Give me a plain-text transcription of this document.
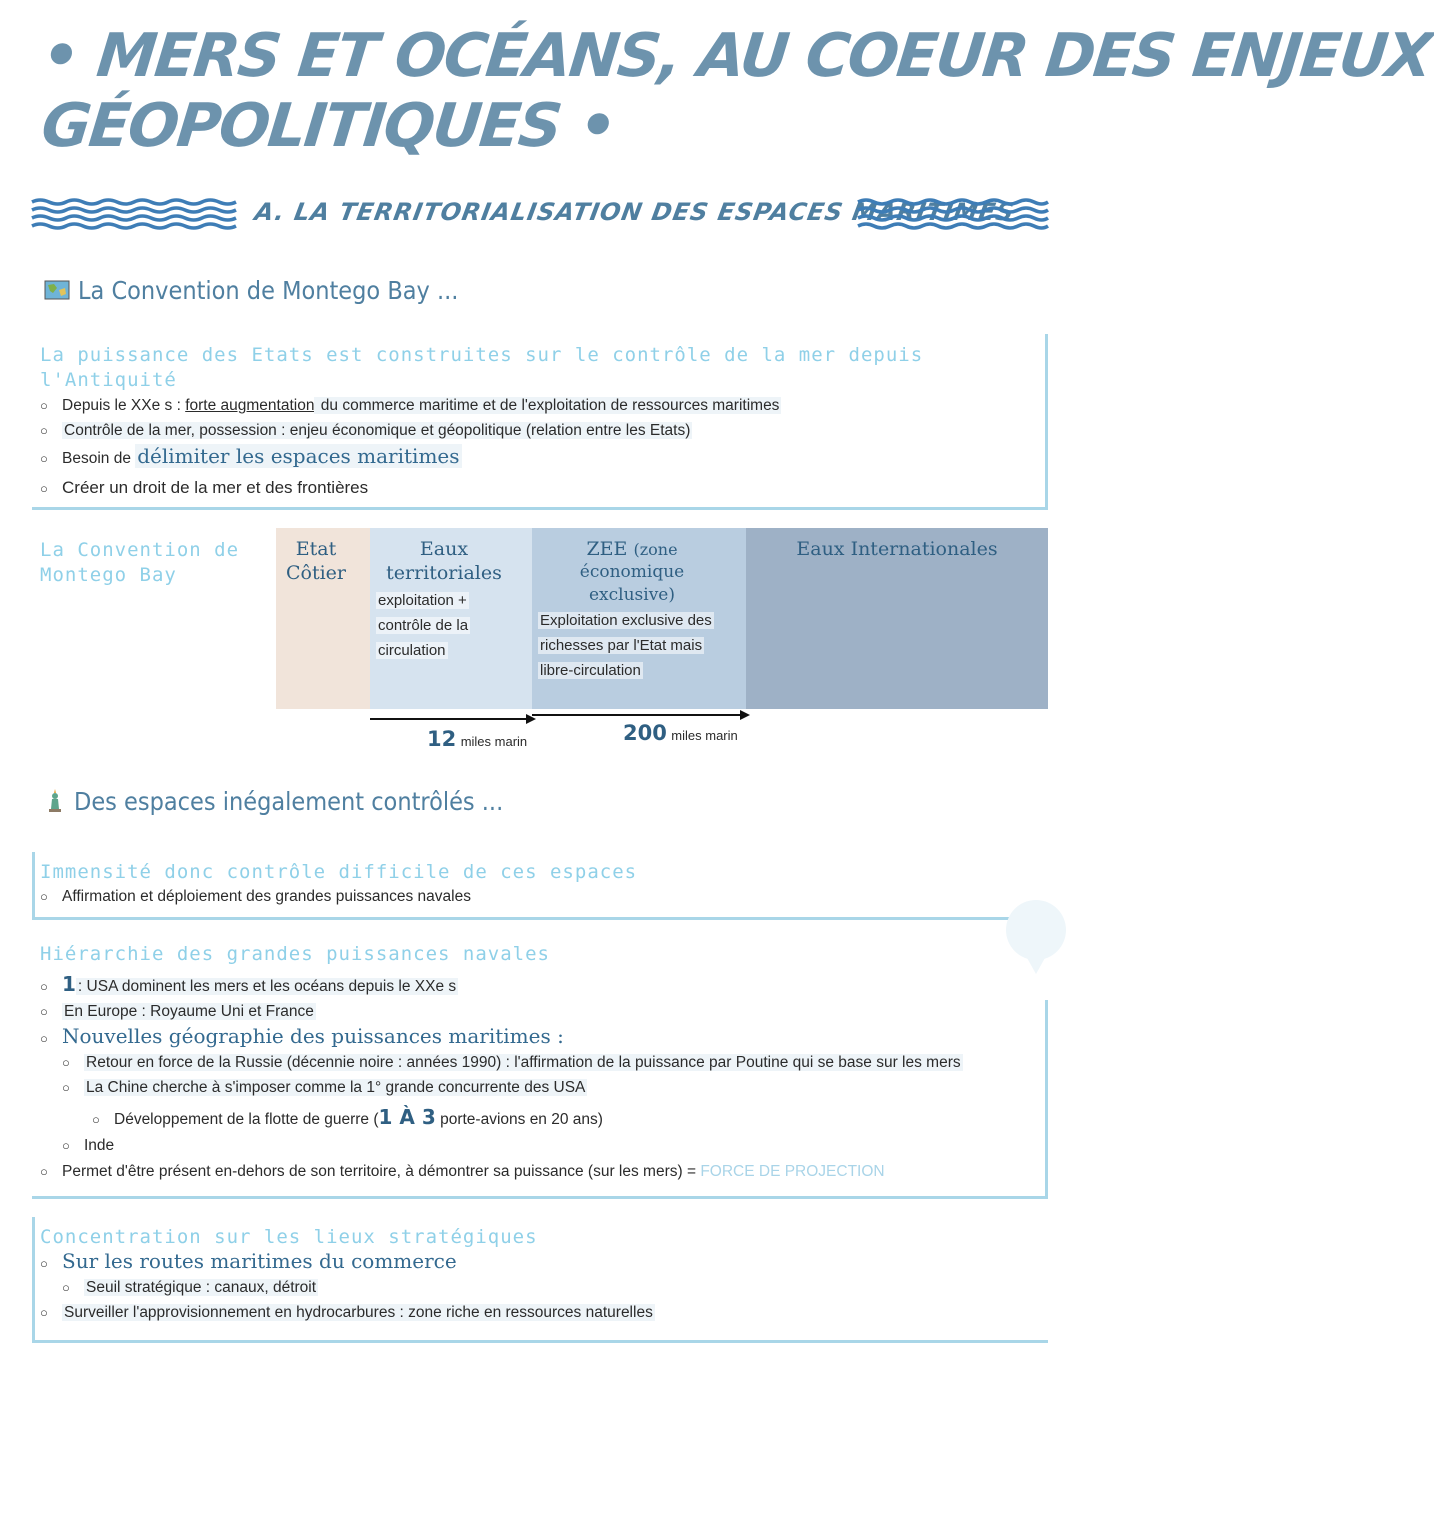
• MERS ET OCÉANS, AU COEUR DES ENJEUX
GÉOPOLITIQUES •
A. LA TERRITORIALISATION DES ESPACES MARITIMES
La Convention de Montego Bay ...
La puissance des Etats est construites sur le contrôle de la mer depuis
l'Antiquité
○ Depuis le XXe s : forte augmentation du commerce maritime et de l'exploitation de ressources maritimes
○ Contrôle de la mer, possession : enjeu économique et géopolitique (relation entre les Etats)
○ Besoin de délimiter les espaces maritimes
○ Créer un droit de la mer et des frontières
La Convention de
Montego Bay
Etat
Côtier
Eaux
territoriales
exploitation +
contrôle de la
circulation
ZEE (zone
économique
exclusive)
Exploitation exclusive des
richesses par l'Etat mais
libre-circulation
Eaux Internationales
12 miles marin	200 miles marin
Des espaces inégalement contrôlés ...
Immensité donc contrôle difficile de ces espaces
○ Affirmation et déploiement des grandes puissances navales
Hiérarchie des grandes puissances navales
○ 1 : USA dominent les mers et les océans depuis le XXe s
○ En Europe : Royaume Uni et France
○ Nouvelles géographie des puissances maritimes :
○ Retour en force de la Russie (décennie noire : années 1990) : l'affirmation de la puissance par Poutine qui se base sur les mers
○ La Chine cherche à s'imposer comme la 1° grande concurrente des USA
○ Développement de la flotte de guerre (1 À 3 porte-avions en 20 ans)
○ Inde
○ Permet d'être présent en-dehors de son territoire, à démontrer sa puissance (sur les mers) = FORCE DE PROJECTION
Concentration sur les lieux stratégiques
○ Sur les routes maritimes du commerce
○ Seuil stratégique : canaux, détroit
○ Surveiller l'approvisionnement en hydrocarbures : zone riche en ressources naturelles
